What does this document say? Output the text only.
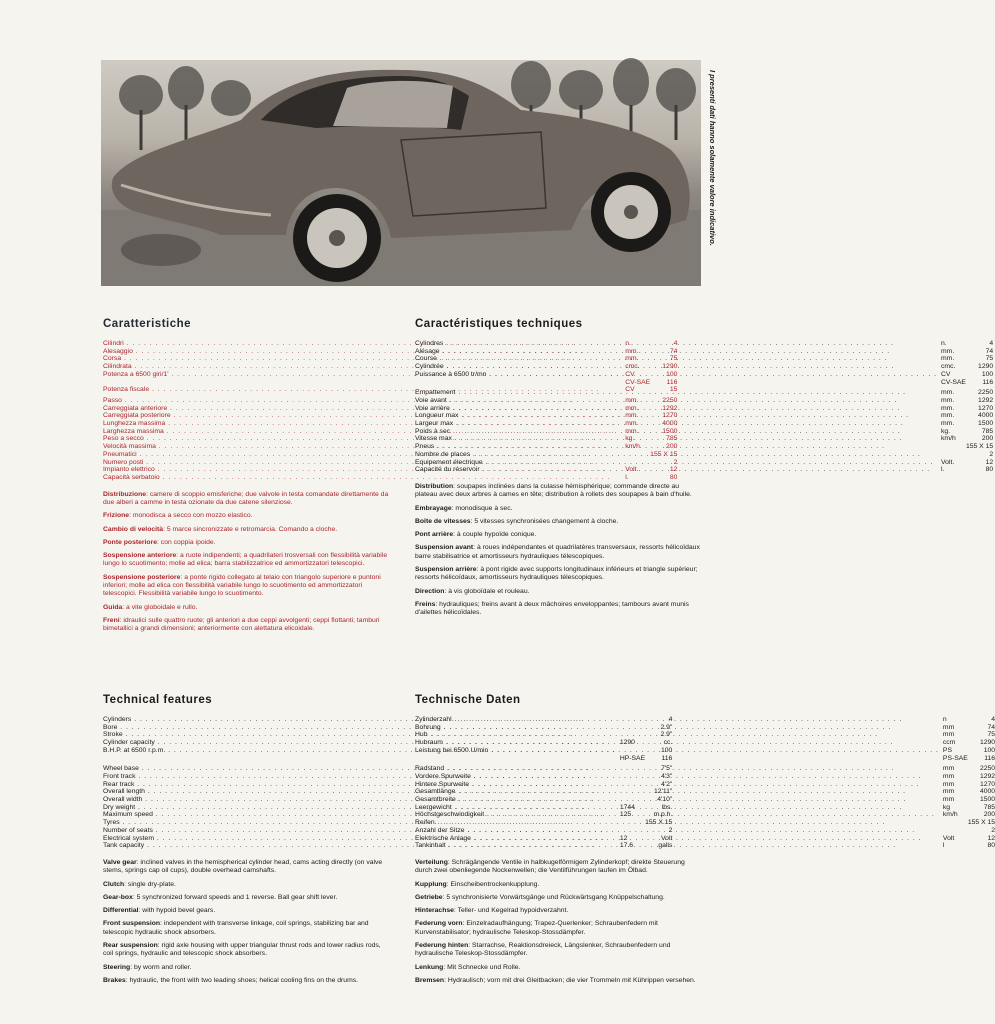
I presenti dati hanno solamente valore indicativo.
Caratteristiche
Cilindri . . .	n.	4
Alesaggio . . .	mm.	74
Corsa . . .	mm.	75
Cilindrata . . .	cmc.	1290
Potenza a 6500 giri/1' . . .	CV	100
	CV-SAE	116
Potenza fiscale . . .	CV	15
Passo . . .	mm.	2250
Carreggiata anteriore . . .	mm.	1292
Carreggiata posteriore . . .	mm.	1270
Lunghezza massima . . .	mm.	4000
Larghezza massima . . .	mm.	1500
Peso a secco . . .	kg.	785
Velocità massima . . .	km/h	200
Pneumatici . . .		155 X 15
Numero posti . . .		2
Impianto elettrico . . .	Volt.	12
Capacità serbatoio . . .	l.	80

Distribuzione: camere di scoppio emisferiche; due valvole in testa comandate direttamente da due alberi a camme in testa ozionate da due catene silenziose.

Frizione: monodisca a secco con mozzo elastico.

Cambio di velocità: 5 marce sincronizzate e retromarcia. Comando a cloche.

Ponte posteriore: con coppia ipoide.

Sospensione anteriore: a ruote indipendenti; a quadrilateri trosversali con flessibilità variabile lungo lo scuotimento; molle ad elica; barra stabilizzatrice ed ammortizzatori telescopici.

Sospensione posteriore: a ponte rigido collegato al telaio con triangolo superiore e puntoni inferiori; molle ad elica con flessibilità variabile lungo lo scuotimento ed ammortizzatori telescopici. Flessibilità variabile lungo lo scuotimento.

Guida: a vite globoidale e rullo.

Freni: idraulici sulle quattro ruote; gli anteriori a due ceppi avvolgenti; ceppi flottanti; tamburi bimetallici a grandi dimensioni; anteriormente con alettatura elicoidale.

Caractéristiques techniques
Cylindres . . .	n.	4
Alésage . . .	mm.	74
Course . . .	mm.	75
Cylindrée . . .	cmc.	1290
Puissance à 6500 tr/mn . . .	CV	100
	CV-SAE	116
Empattement . . .	mm.	2250
Voie avant . . .	mm.	1292
Voie arrière . . .	mm.	1270
Longueur max . . .	mm.	4000
Largeur max . . .	mm.	1500
Poids à sec . . .	kg.	785
Vitesse max . . .	km/h	200
Pneus . . .		155 X 15
Nombre de places . . .		2
Equipement électrique . . .	Volt.	12
Capacité du réservoir . . .	l.	80

Distribution: soupapes inclinées dans la culasse hémisphérique; commande directe au plateau avec deux arbres à cames en tête; distribution à rollets des soupapes à bain d'huile.

Embrayage: monodisque à sec.

Boîte de vitesses: 5 vitesses synchronisées changement à cloche.

Pont arrière: à couple hypoïde conique.

Suspension avant: à roues indépendantes et quadrilatères transversaux, ressorts hélicoïdaux barre stabilisatrice et amortisseurs hydrauliques télescopiques.

Suspension arrière: à pont rigide avec supports longitudinaux inférieurs et triangle supérieur; ressorts hélicoïdaux, amortisseurs hydrauliques télescopiques.

Direction: à vis globoïdale et rouleau.

Freins: hydrauliques; freins avant à deux mâchoires enveloppantes; tambours avant munis d'ailettes hélicoïdales.

Technical features
Cylinders . . .		4
Bore . . .		2.9"
Stroke . . .		2.9"
Cylinder capacity . . .	1290	cc.
B.H.P. at 6500 r.p.m. . . .		100
	HP-SAE	116
Wheel base . . .		7'5"
Front track . . .		4'3"
Rear track . . .		4'2"
Overall length . . .		12'11"
Overall width . . .		4'10"
Dry weight . . .	1744	lbs.
Maximum speed . . .	125	m.p.h.
Tyres . . .		155 X 15
Number of seats . . .		2
Electrical system . . .	12	Volt
Tank capacity . . .	17.6	galls

Valve gear: inclined valves in the hemispherical cylinder head, cams acting directly (on valve stems, springs cap oil cups), double overhead camshafts.

Clutch: single dry-plate.

Gear-box: 5 synchronized forward speeds and 1 reverse. Ball gear shift lever.

Differential: with hypoid bevel gears.

Front suspension: independent with transverse linkage, coil springs, stabilizing bar and telescopic hydraulic shock absorbers.

Rear suspension: rigid axle housing with upper triangular thrust rods and lower radius rods, coil springs, hydraulic and telescopic shock absorbers.

Steering: by worm and roller.

Brakes: hydraulic, the front with two leading shoes; helical cooling fins on the drums.

Technische Daten
Zylinderzahl . . .	n	4
Bohrung . . .	mm	74
Hub . . .	mm	75
Hubraum . . .	ccm	1290
Leistung bei 6500 U/min . . .	PS	100
	PS-SAE	116
Radstand . . .	mm	2250
Vordere Spurweite . . .	mm	1292
Hintere Spurweite . . .	mm	1270
Gesamtlänge . . .	mm	4000
Gesamtbreite . . .	mm	1500
Leergewicht . . .	kg	785
Höchstgeschwindigkeit . . .	km/h	200
Reifen . . .		155 X 15
Anzahl der Sitze . . .		2
Elektrische Anlage . . .	Volt	12
Tankinhalt . . .	l	80

Verteilung: Schrägängende Ventile in halbkugelförmigem Zylinderkopf; direkte Steuerung durch zwei obenliegende Nockenwellen; die Ventilführungen laufen im Ölbad.

Kupplung: Einscheibentrockenkupplung.

Getriebe: 5 synchronisierte Vorwärtsgänge und Rückwärtsgang Knüppelschaltung.

Hinterachse: Teller- und Kegelrad hypoidverzahnt.

Federung vorn: Einzelradaufhängung; Trapez-Querlenker; Schraubenfedern mit Kurvenstabilisator; hydraulische Teleskop-Stossdämpfer.

Federung hinten: Starrachse, Reaktionsdreieck, Längslenker, Schraubenfedern und hydraulische Teleskop-Stossdämpfer.

Lenkung: Mit Schnecke und Rolle.

Bremsen: Hydraulisch; vorn mit drei Gleitbacken; die vier Trommeln mit Kührippen versehen.
